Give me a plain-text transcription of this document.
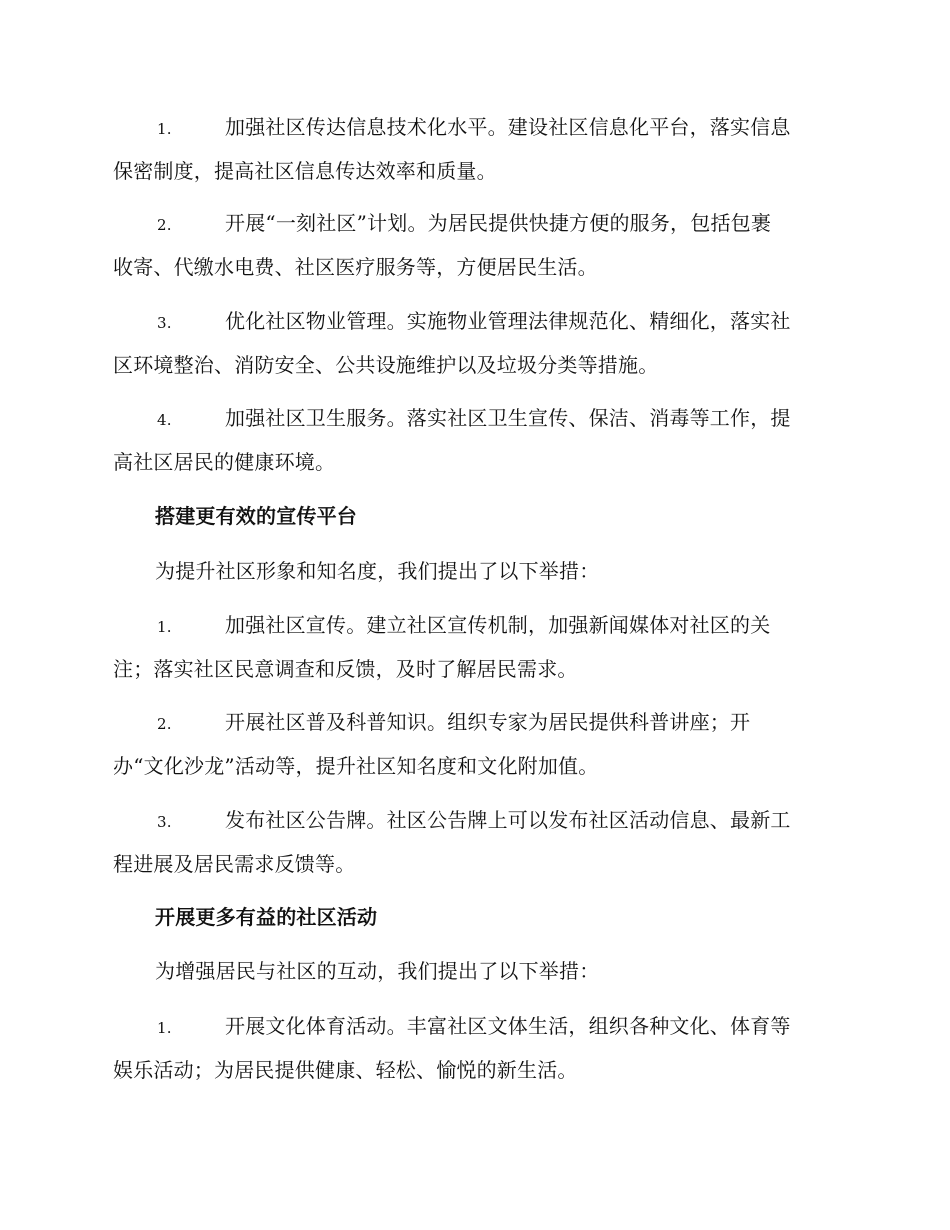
1.	加强社区传达信息技术化水平。建设社区信息化平台，落实信息
保密制度，提高社区信息传达效率和质量。
2.	开展“一刻社区”计划。为居民提供快捷方便的服务，包括包裹
收寄、代缴水电费、社区医疗服务等，方便居民生活。
3.	优化社区物业管理。实施物业管理法律规范化、精细化，落实社
区环境整治、消防安全、公共设施维护以及垃圾分类等措施。
4.	加强社区卫生服务。落实社区卫生宣传、保洁、消毒等工作，提
高社区居民的健康环境。
搭建更有效的宣传平台
为提升社区形象和知名度，我们提出了以下举措：
1.	加强社区宣传。建立社区宣传机制，加强新闻媒体对社区的关
注；落实社区民意调查和反馈，及时了解居民需求。
2.	开展社区普及科普知识。组织专家为居民提供科普讲座；开
办“文化沙龙”活动等，提升社区知名度和文化附加值。
3.	发布社区公告牌。社区公告牌上可以发布社区活动信息、最新工
程进展及居民需求反馈等。
开展更多有益的社区活动
为增强居民与社区的互动，我们提出了以下举措：
1.	开展文化体育活动。丰富社区文体生活，组织各种文化、体育等
娱乐活动；为居民提供健康、轻松、愉悦的新生活。
